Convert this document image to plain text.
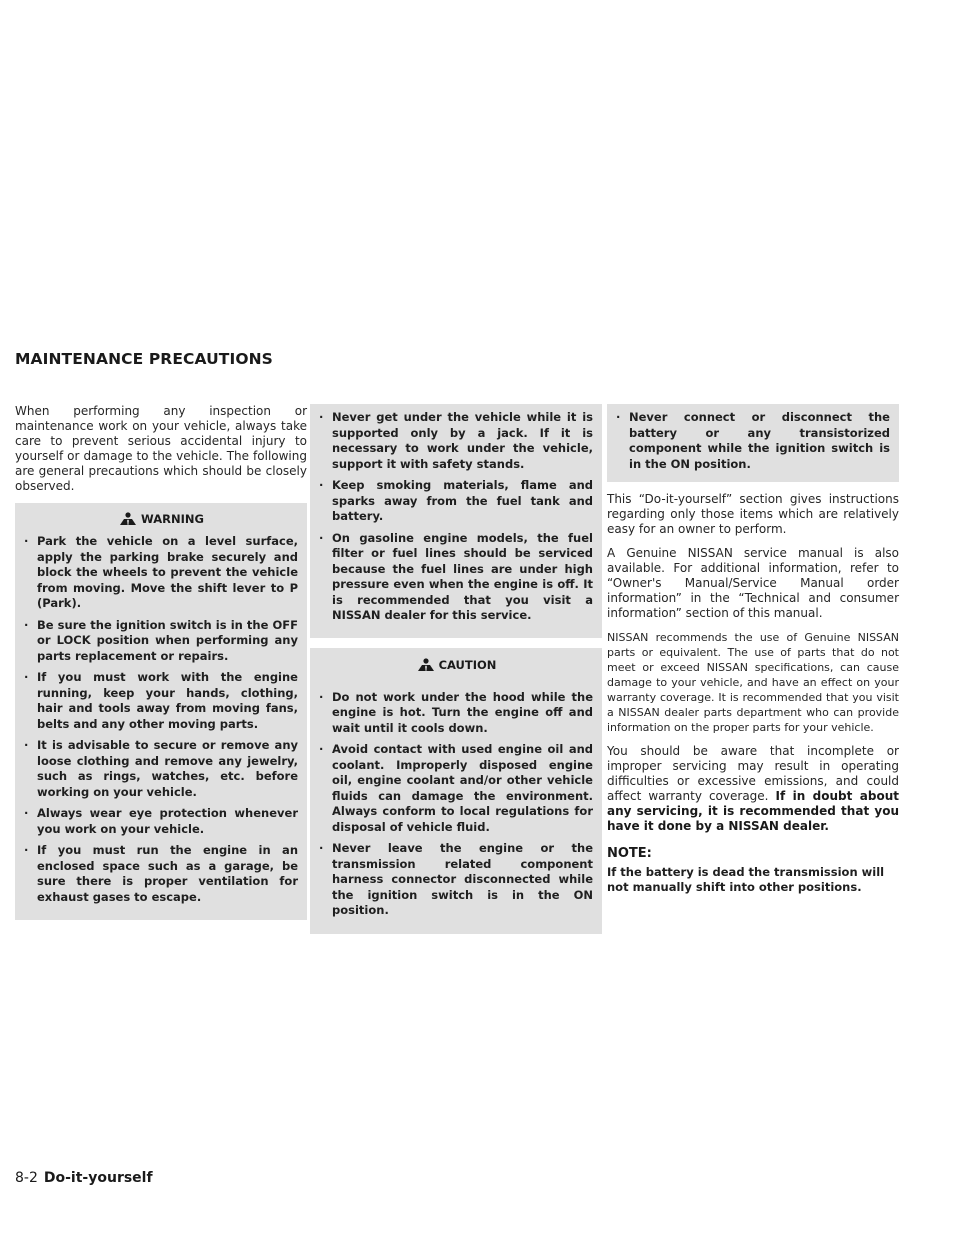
MAINTENANCE PRECAUTIONS

When performing any inspection or maintenance work on your vehicle, always take care to prevent serious accidental injury to yourself or damage to the vehicle. The following are general precautions which should be closely observed.

WARNING
· Park the vehicle on a level surface, apply the parking brake securely and block the wheels to prevent the vehicle from moving. Move the shift lever to P (Park).
· Be sure the ignition switch is in the OFF or LOCK position when performing any parts replacement or repairs.
· If you must work with the engine running, keep your hands, clothing, hair and tools away from moving fans, belts and any other moving parts.
· It is advisable to secure or remove any loose clothing and remove any jewelry, such as rings, watches, etc. before working on your vehicle.
· Always wear eye protection whenever you work on your vehicle.
· If you must run the engine in an enclosed space such as a garage, be sure there is proper ventilation for exhaust gases to escape.
· Never get under the vehicle while it is supported only by a jack. If it is necessary to work under the vehicle, support it with safety stands.
· Keep smoking materials, flame and sparks away from the fuel tank and battery.
· On gasoline engine models, the fuel filter or fuel lines should be serviced because the fuel lines are under high pressure even when the engine is off. It is recommended that you visit a NISSAN dealer for this service.
CAUTION
· Do not work under the hood while the engine is hot. Turn the engine off and wait until it cools down.
· Avoid contact with used engine oil and coolant. Improperly disposed engine oil, engine coolant and/or other vehicle fluids can damage the environment. Always conform to local regulations for disposal of vehicle fluid.
· Never leave the engine or the transmission related component harness connector disconnected while the ignition switch is in the ON position.
· Never connect or disconnect the battery or any transistorized component while the ignition switch is in the ON position.

This “Do-it-yourself” section gives instructions regarding only those items which are relatively easy for an owner to perform.

A Genuine NISSAN service manual is also available. For additional information, refer to “Owner's Manual/Service Manual order information” in the “Technical and consumer information” section of this manual.

NISSAN recommends the use of Genuine NISSAN parts or equivalent. The use of parts that do not meet or exceed NISSAN specifications, can cause damage to your vehicle, and have an effect on your warranty coverage. It is recommended that you visit a NISSAN dealer parts department who can provide information on the proper parts for your vehicle.

You should be aware that incomplete or improper servicing may result in operating difficulties or excessive emissions, and could affect warranty coverage. If in doubt about any servicing, it is recommended that you have it done by a NISSAN dealer.

NOTE:

If the battery is dead the transmission will not manually shift into other positions.

8-2 Do-it-yourself
